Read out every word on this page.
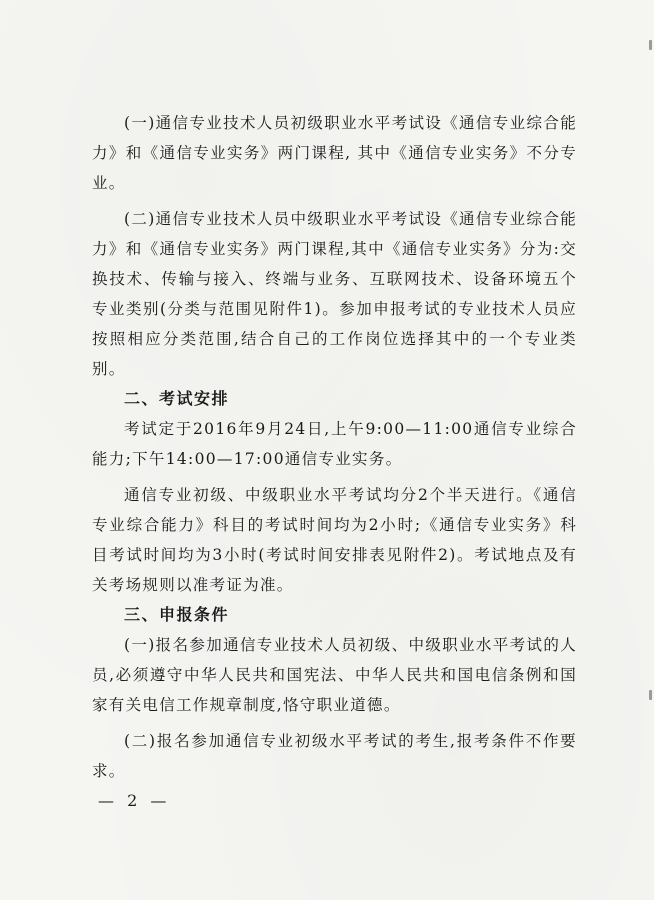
(一)通信专业技术人员初级职业水平考试设《通信专业综合能力》和《通信专业实务》两门课程, 其中《通信专业实务》不分专业。

(二)通信专业技术人员中级职业水平考试设《通信专业综合能力》和《通信专业实务》两门课程,其中《通信专业实务》分为:交换技术、传输与接入、终端与业务、互联网技术、设备环境五个专业类别(分类与范围见附件1)。参加申报考试的专业技术人员应按照相应分类范围,结合自己的工作岗位选择其中的一个专业类别。

二、考试安排

考试定于2016年9月24日,上午9:00—11:00通信专业综合能力;下午14:00—17:00通信专业实务。

通信专业初级、中级职业水平考试均分2个半天进行。《通信专业综合能力》科目的考试时间均为2小时;《通信专业实务》科目考试时间均为3小时(考试时间安排表见附件2)。考试地点及有关考场规则以准考证为准。

三、申报条件

(一)报名参加通信专业技术人员初级、中级职业水平考试的人员,必须遵守中华人民共和国宪法、中华人民共和国电信条例和国家有关电信工作规章制度,恪守职业道德。

(二)报名参加通信专业初级水平考试的考生,报考条件不作要求。

— 2 —
